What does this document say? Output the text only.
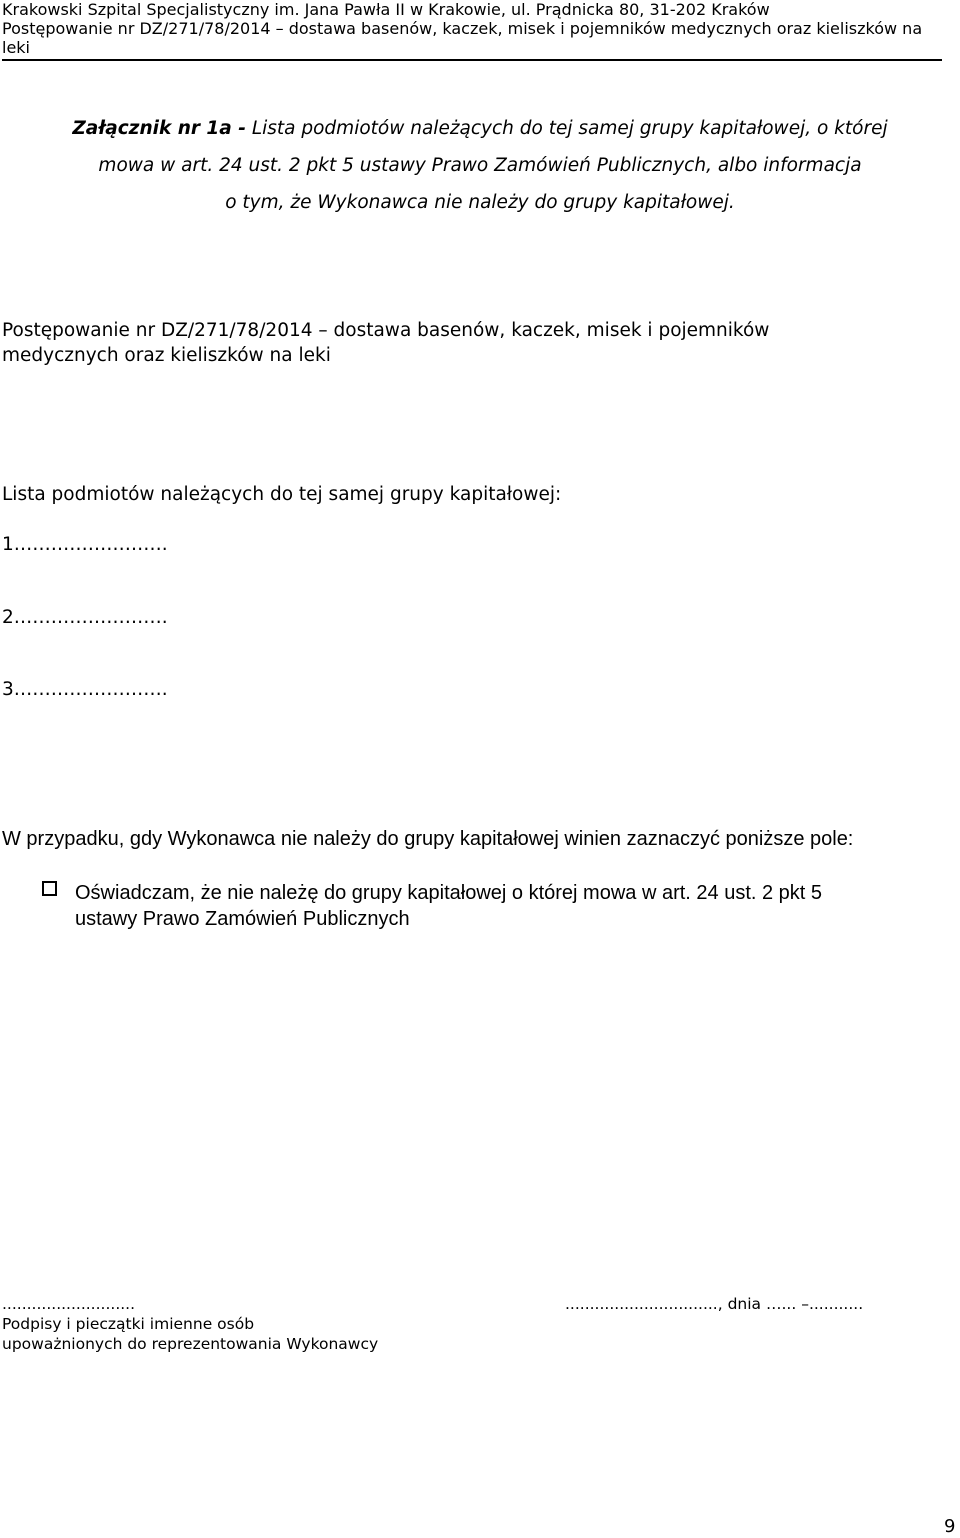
Krakowski Szpital Specjalistyczny im. Jana Pawła II w Krakowie, ul. Prądnicka 80, 31-202 Kraków
Postępowanie nr DZ/271/78/2014 – dostawa basenów, kaczek, misek i pojemników medycznych oraz kieliszków na leki
Załącznik nr 1a - Lista podmiotów należących do tej samej grupy kapitałowej, o której
mowa w art. 24 ust. 2 pkt 5 ustawy Prawo Zamówień Publicznych, albo informacja
o tym, że Wykonawca nie należy do grupy kapitałowej.
Postępowanie nr DZ/271/78/2014 – dostawa basenów, kaczek, misek i pojemników
medycznych oraz kieliszków na leki
Lista podmiotów należących do tej samej grupy kapitałowej:
1…………………….
2…………………….
3…………………….
W przypadku, gdy Wykonawca nie należy do grupy kapitałowej winien zaznaczyć poniższe pole:
Oświadczam, że nie należę do grupy kapitałowej o której mowa w art. 24 ust. 2 pkt 5
ustawy Prawo Zamówień Publicznych
...........................
Podpisy i pieczątki imienne osób
upoważnionych do reprezentowania Wykonawcy
..............................., dnia …... –...........
9
